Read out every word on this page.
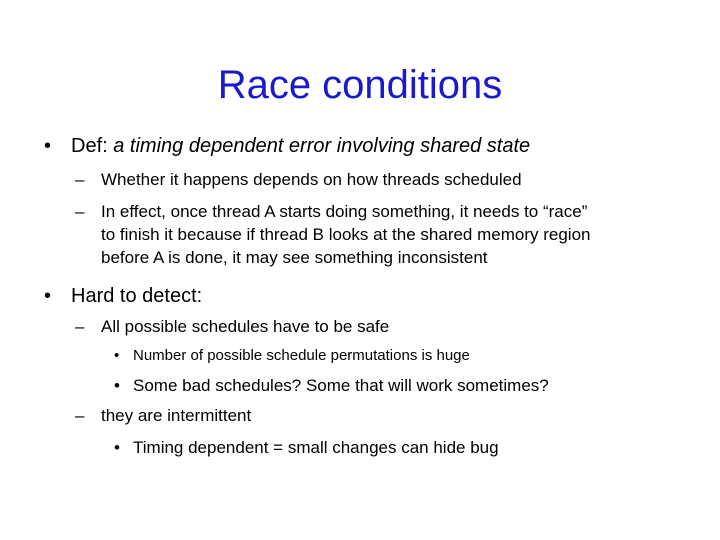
Race conditions
• Def: a timing dependent error involving shared state
– Whether it happens depends on how threads scheduled
– In effect, once thread A starts doing something, it needs to “race”
to finish it because if thread B looks at the shared memory region
before A is done, it may see something inconsistent
• Hard to detect:
– All possible schedules have to be safe
• Number of possible schedule permutations is huge
• Some bad schedules? Some that will work sometimes?
– they are intermittent
• Timing dependent = small changes can hide bug
